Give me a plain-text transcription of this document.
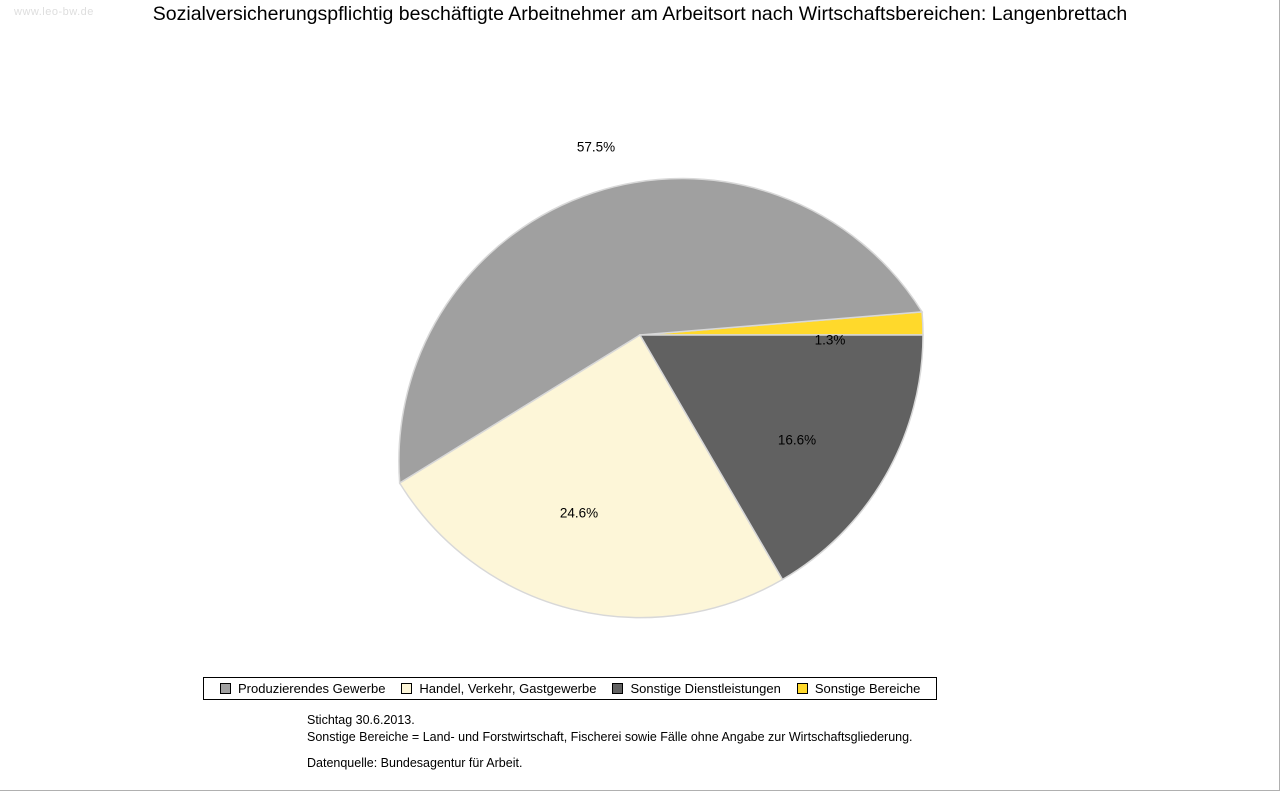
www.leo-bw.de	Sozialversicherungspflichtig beschäftigte Arbeitnehmer am Arbeitsort nach Wirtschaftsbereichen: Langenbrettach
57.5%
24.6%
16.6%
1.3%
Produzierendes Gewerbe	Handel, Verkehr, Gastgewerbe	Sonstige Dienstleistungen	Sonstige Bereiche
Stichtag 30.6.2013.
Sonstige Bereiche = Land- und Forstwirtschaft, Fischerei sowie Fälle ohne Angabe zur Wirtschaftsgliederung.
Datenquelle: Bundesagentur für Arbeit.
